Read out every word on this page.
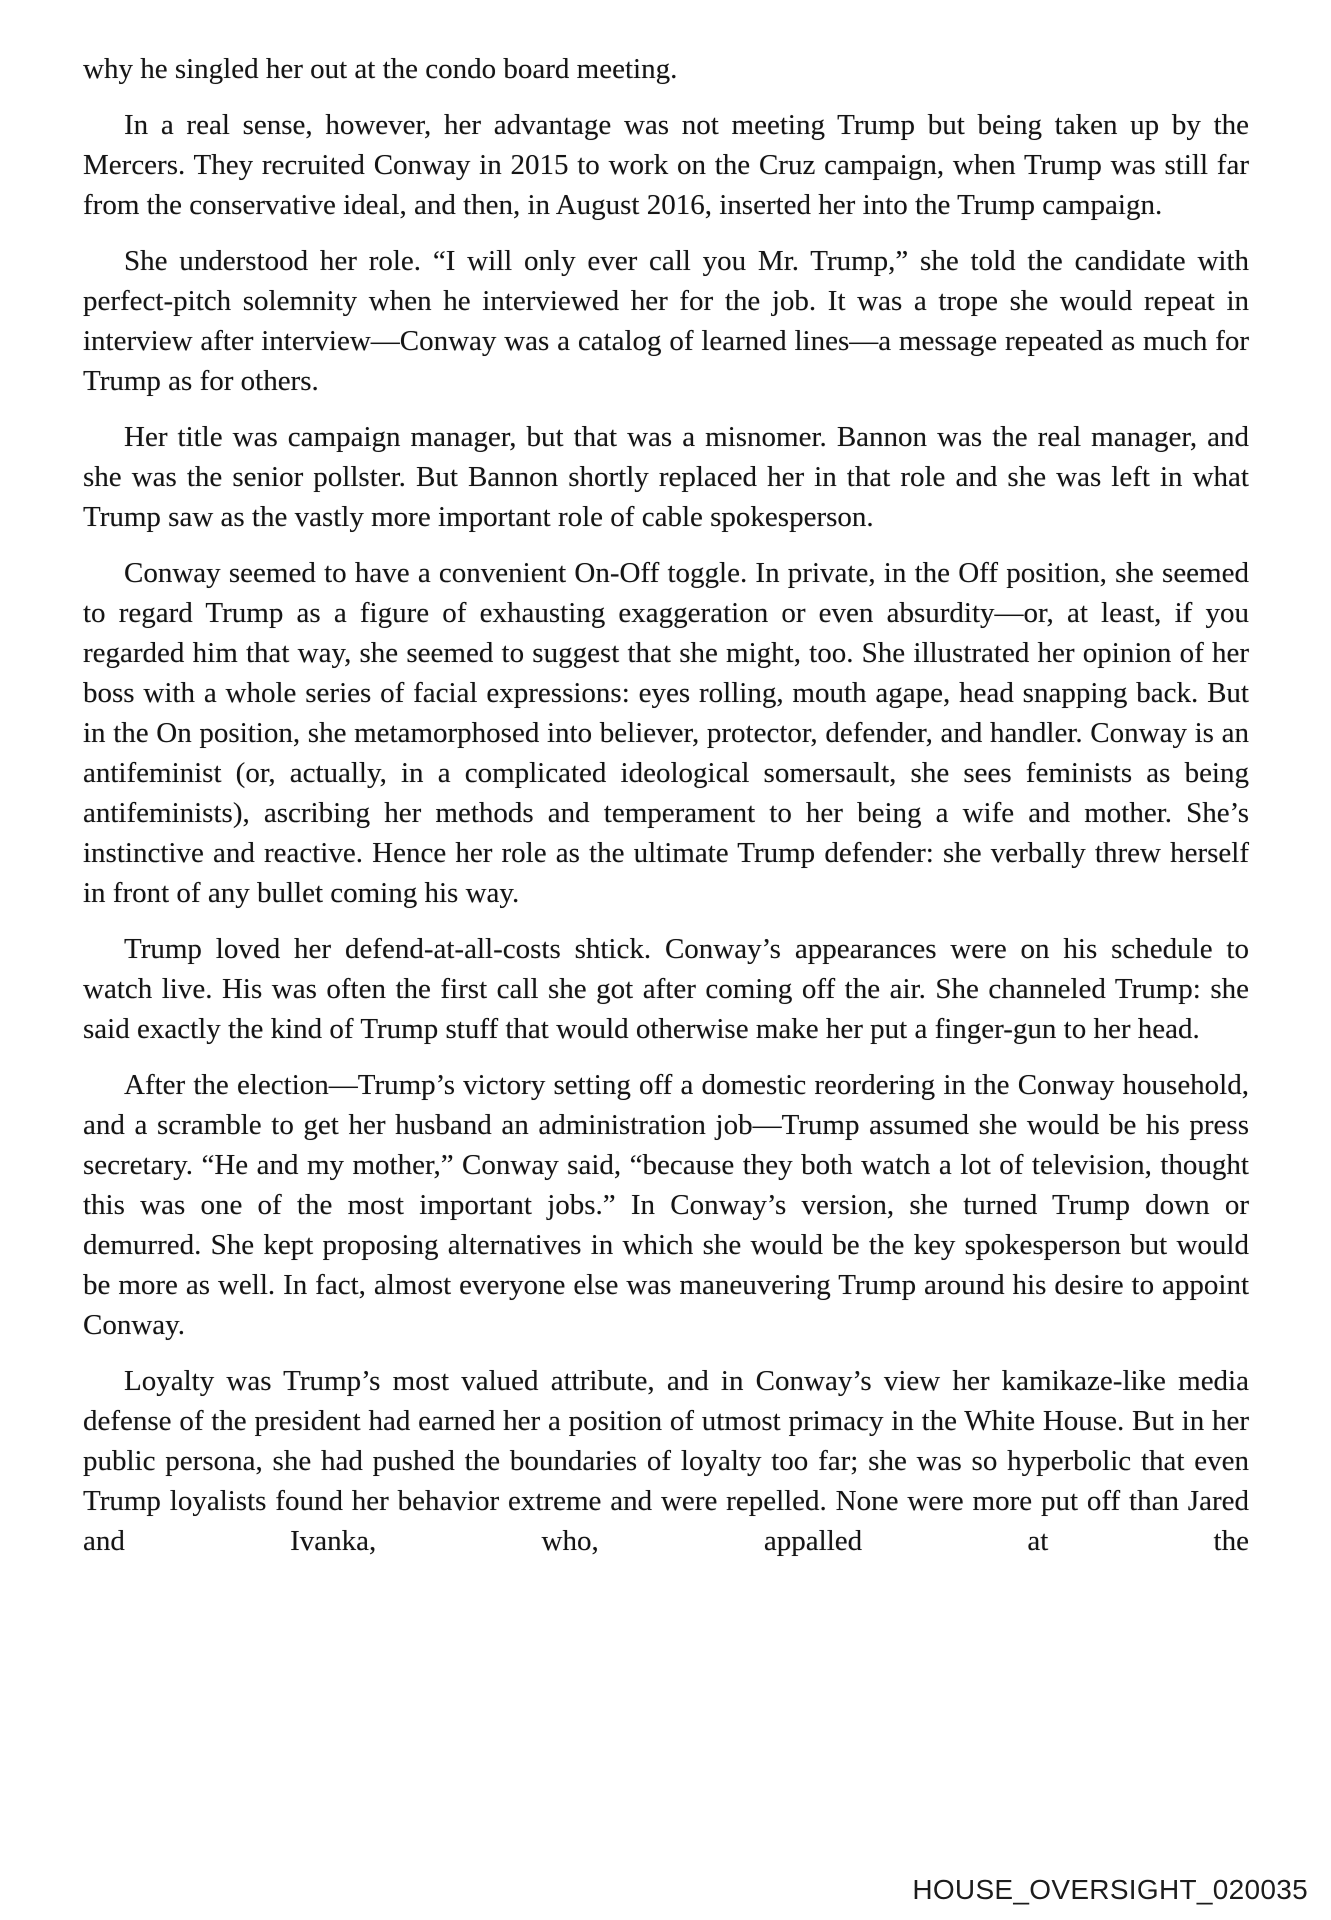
why he singled her out at the condo board meeting.

In a real sense, however, her advantage was not meeting Trump but being taken up by the Mercers. They recruited Conway in 2015 to work on the Cruz campaign, when Trump was still far from the conservative ideal, and then, in August 2016, inserted her into the Trump campaign.

She understood her role. “I will only ever call you Mr. Trump,” she told the candidate with perfect-pitch solemnity when he interviewed her for the job. It was a trope she would repeat in interview after interview—Conway was a catalog of learned lines—a message repeated as much for Trump as for others.

Her title was campaign manager, but that was a misnomer. Bannon was the real manager, and she was the senior pollster. But Bannon shortly replaced her in that role and she was left in what Trump saw as the vastly more important role of cable spokesperson.

Conway seemed to have a convenient On-Off toggle. In private, in the Off position, she seemed to regard Trump as a figure of exhausting exaggeration or even absurdity—or, at least, if you regarded him that way, she seemed to suggest that she might, too. She illustrated her opinion of her boss with a whole series of facial expressions: eyes rolling, mouth agape, head snapping back. But in the On position, she metamorphosed into believer, protector, defender, and handler. Conway is an antifeminist (or, actually, in a complicated ideological somersault, she sees feminists as being antifeminists), ascribing her methods and temperament to her being a wife and mother. She’s instinctive and reactive. Hence her role as the ultimate Trump defender: she verbally threw herself in front of any bullet coming his way.

Trump loved her defend-at-all-costs shtick. Conway’s appearances were on his schedule to watch live. His was often the first call she got after coming off the air. She channeled Trump: she said exactly the kind of Trump stuff that would otherwise make her put a finger-gun to her head.

After the election—Trump’s victory setting off a domestic reordering in the Conway household, and a scramble to get her husband an administration job—Trump assumed she would be his press secretary. “He and my mother,” Conway said, “because they both watch a lot of television, thought this was one of the most important jobs.” In Conway’s version, she turned Trump down or demurred. She kept proposing alternatives in which she would be the key spokesperson but would be more as well. In fact, almost everyone else was maneuvering Trump around his desire to appoint Conway.

Loyalty was Trump’s most valued attribute, and in Conway’s view her kamikaze-like media defense of the president had earned her a position of utmost primacy in the White House. But in her public persona, she had pushed the boundaries of loyalty too far; she was so hyperbolic that even Trump loyalists found her behavior extreme and were repelled. None were more put off than Jared and Ivanka, who, appalled at the

HOUSE_OVERSIGHT_020035
